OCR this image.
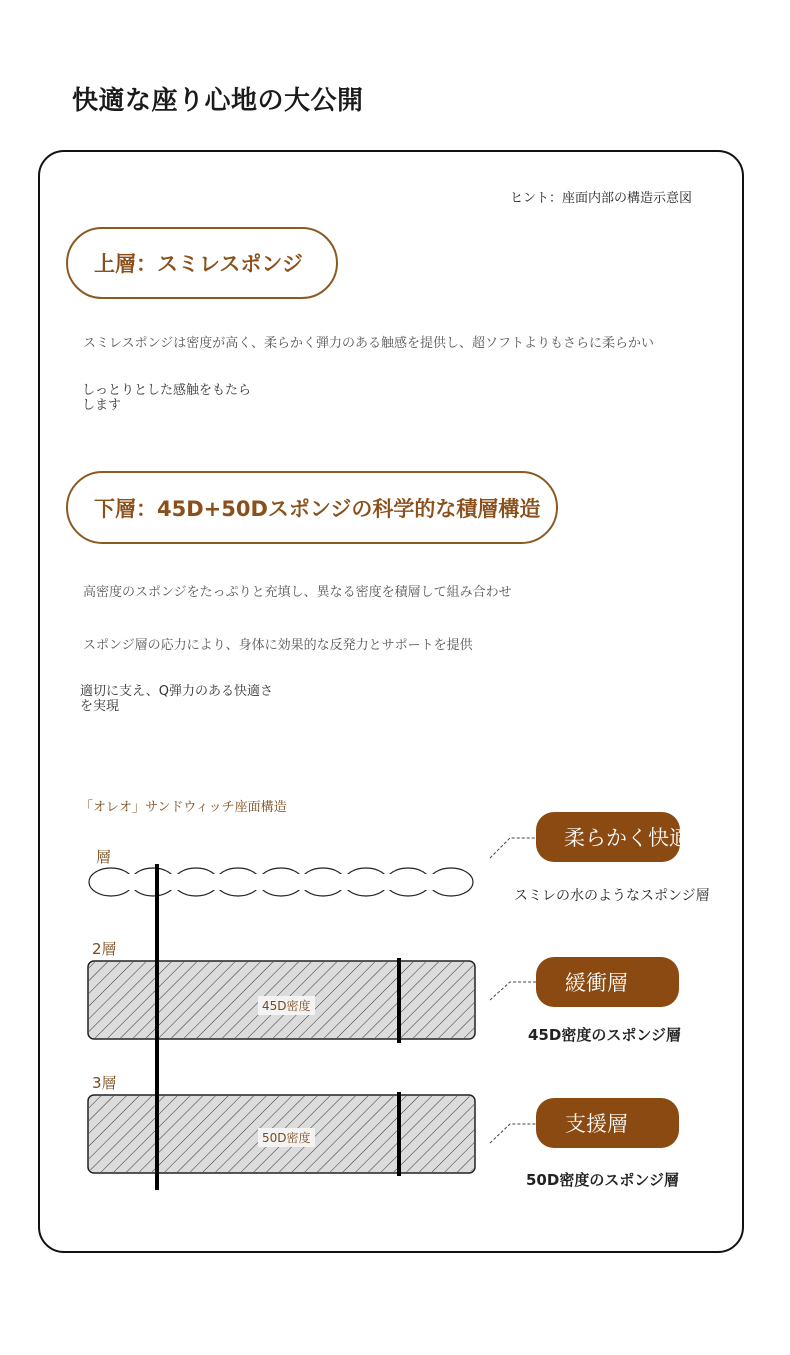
快適な座り心地の大公開
ヒント：座面内部の構造示意図
上層：スミレスポンジ
スミレスポンジは密度が高く、柔らかく弾力のある触感を提供し、超ソフトよりもさらに柔らかい
しっとりとした感触をもたら
します
下層：45D+50Dスポンジの科学的な積層構造
高密度のスポンジをたっぷりと充填し、異なる密度を積層して組み合わせ
スポンジ層の応力により、身体に効果的な反発力とサポートを提供
適切に支え、Q弾力のある快適さ
を実現
「オレオ」サンドウィッチ座面構造
層
2層
3層
45D密度
50D密度
柔らかく快適な層
スミレの水のようなスポンジ層
緩衝層
45D密度のスポンジ層
支援層
50D密度のスポンジ層
